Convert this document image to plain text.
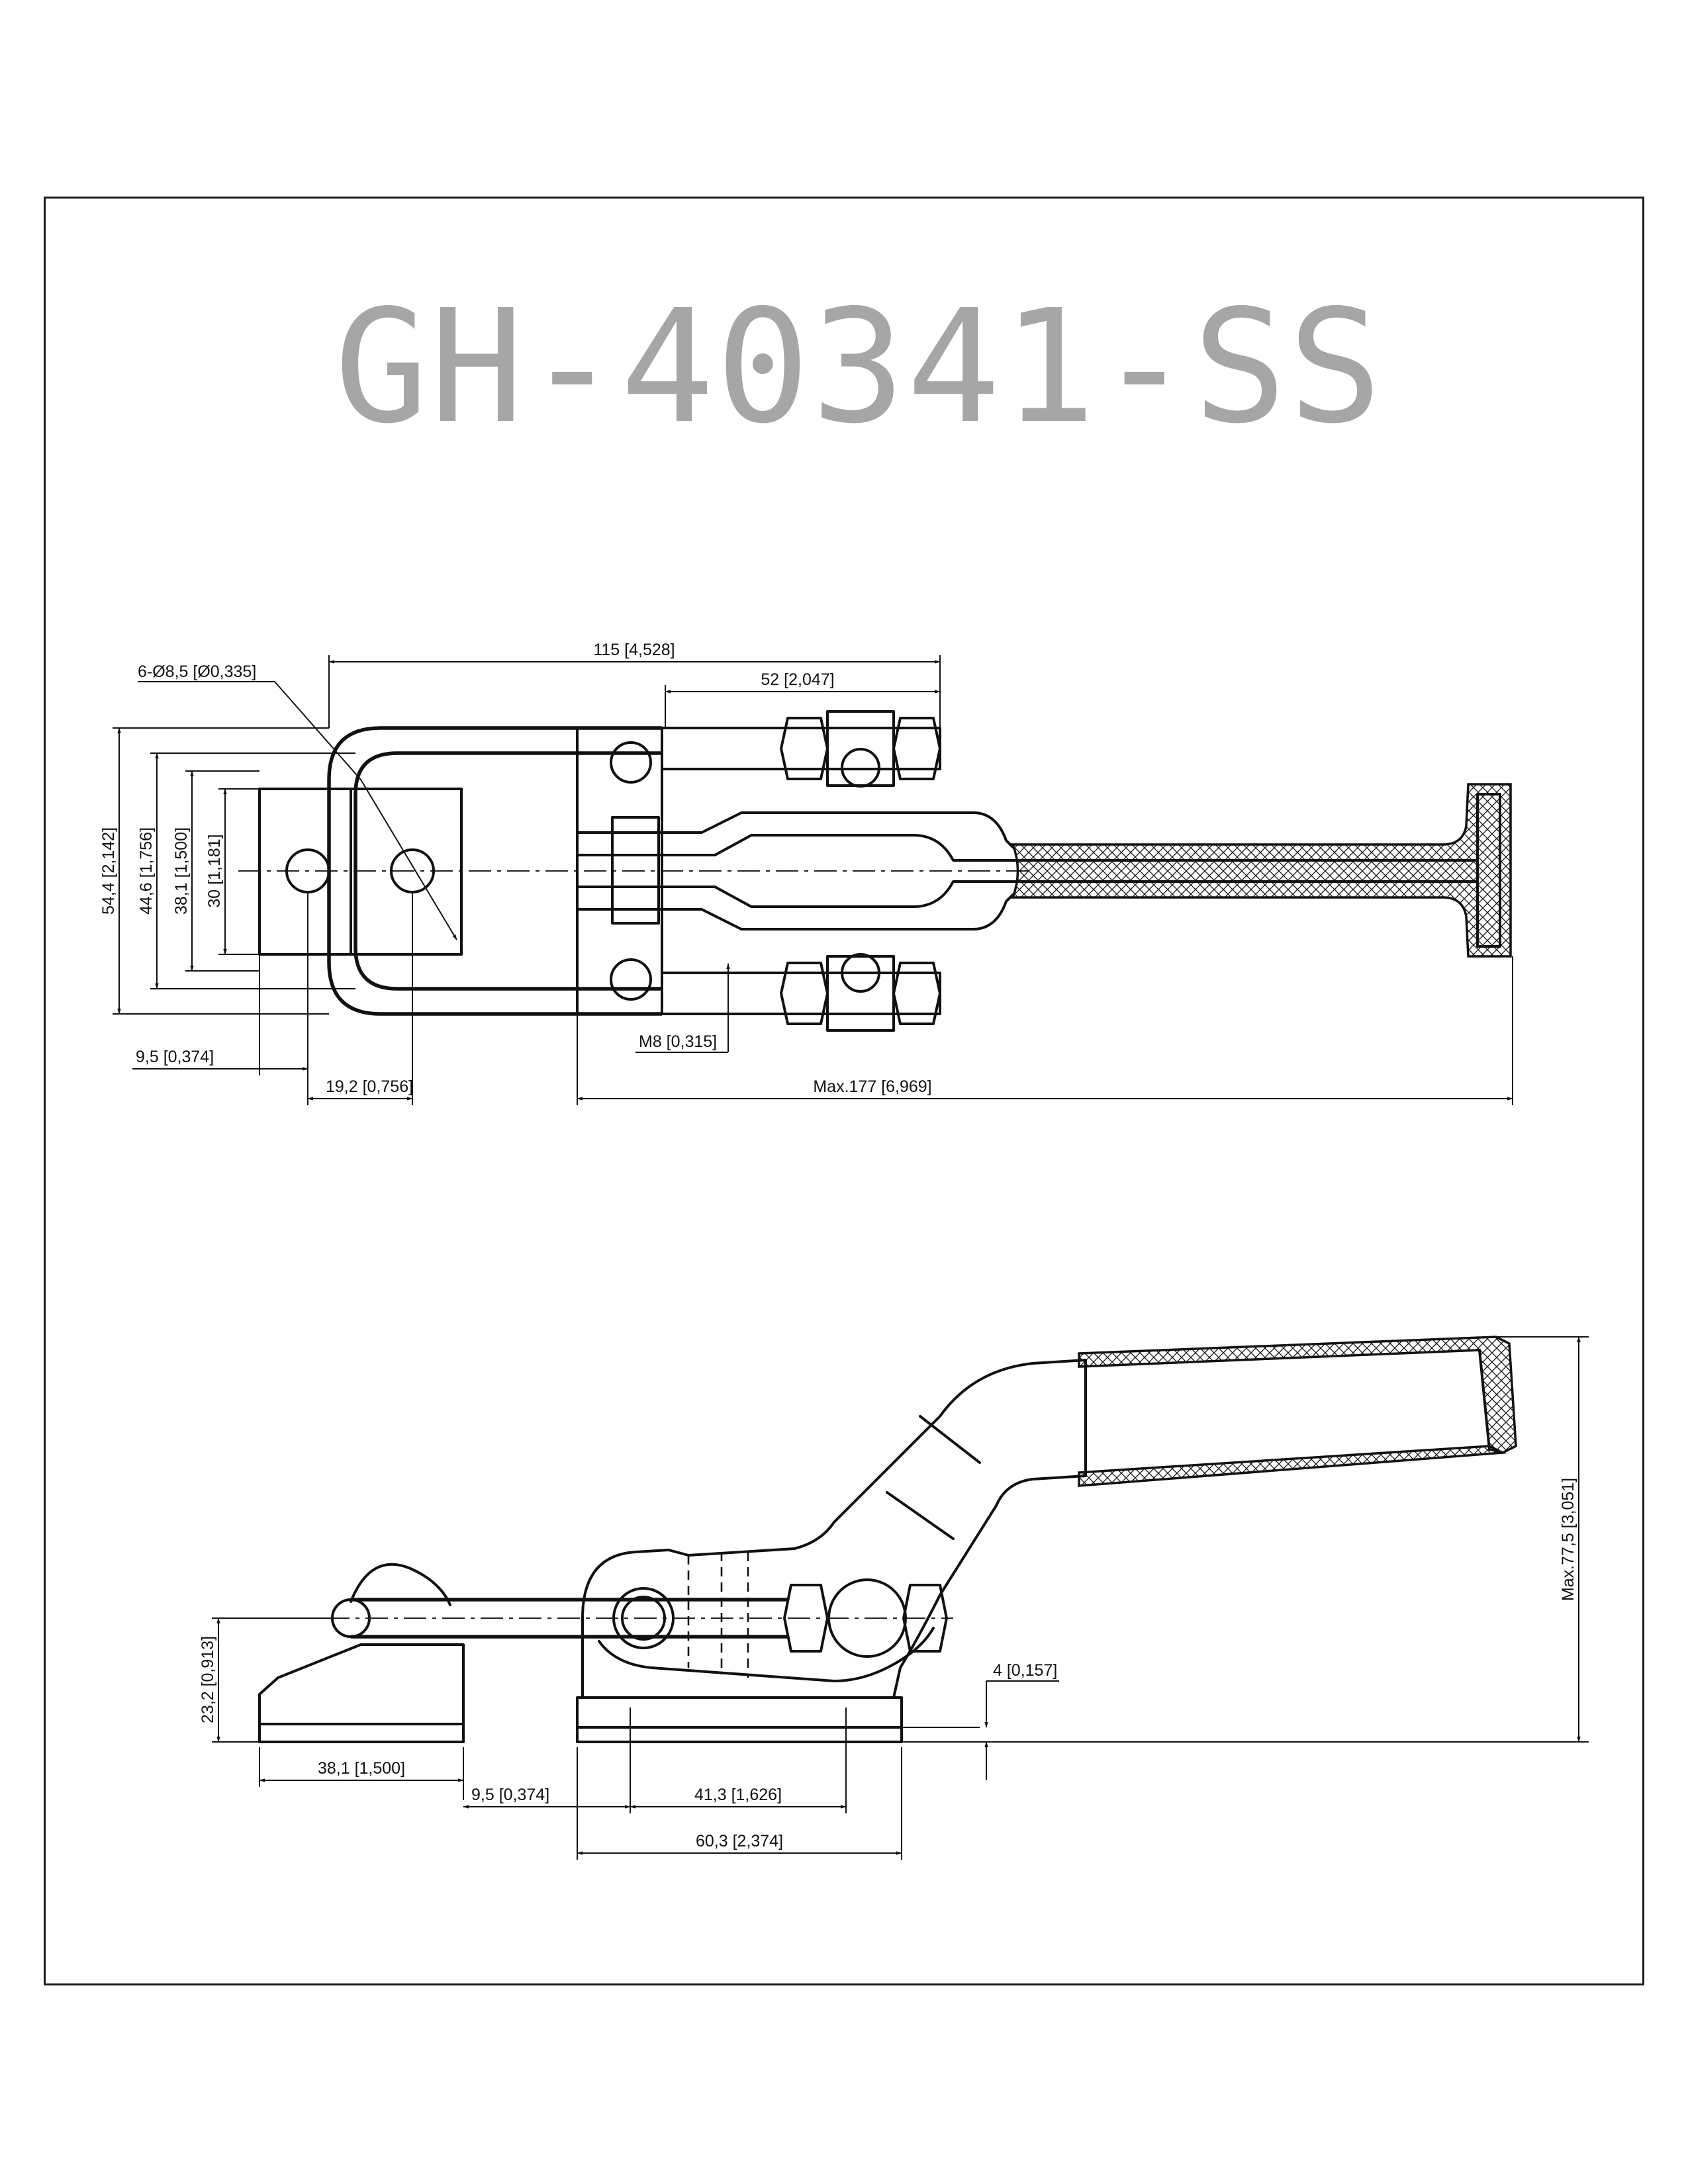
GH-40341-SS
115 [4,528]
52 [2,047]
6-Ø8,5 [Ø0,335]
54,4 [2,142] 44,6 [1,756] 38,1 [1,500] 30 [1,181]
M8 [0,315]
9,5 [0,374]
19,2 [0,756]	Max.177 [6,969]
23,2 [0,913]
38,1 [1,500]
9,5 [0,374]	41,3 [1,626]
60,3 [2,374]
4 [0,157]
Max.77,5 [3,051]
